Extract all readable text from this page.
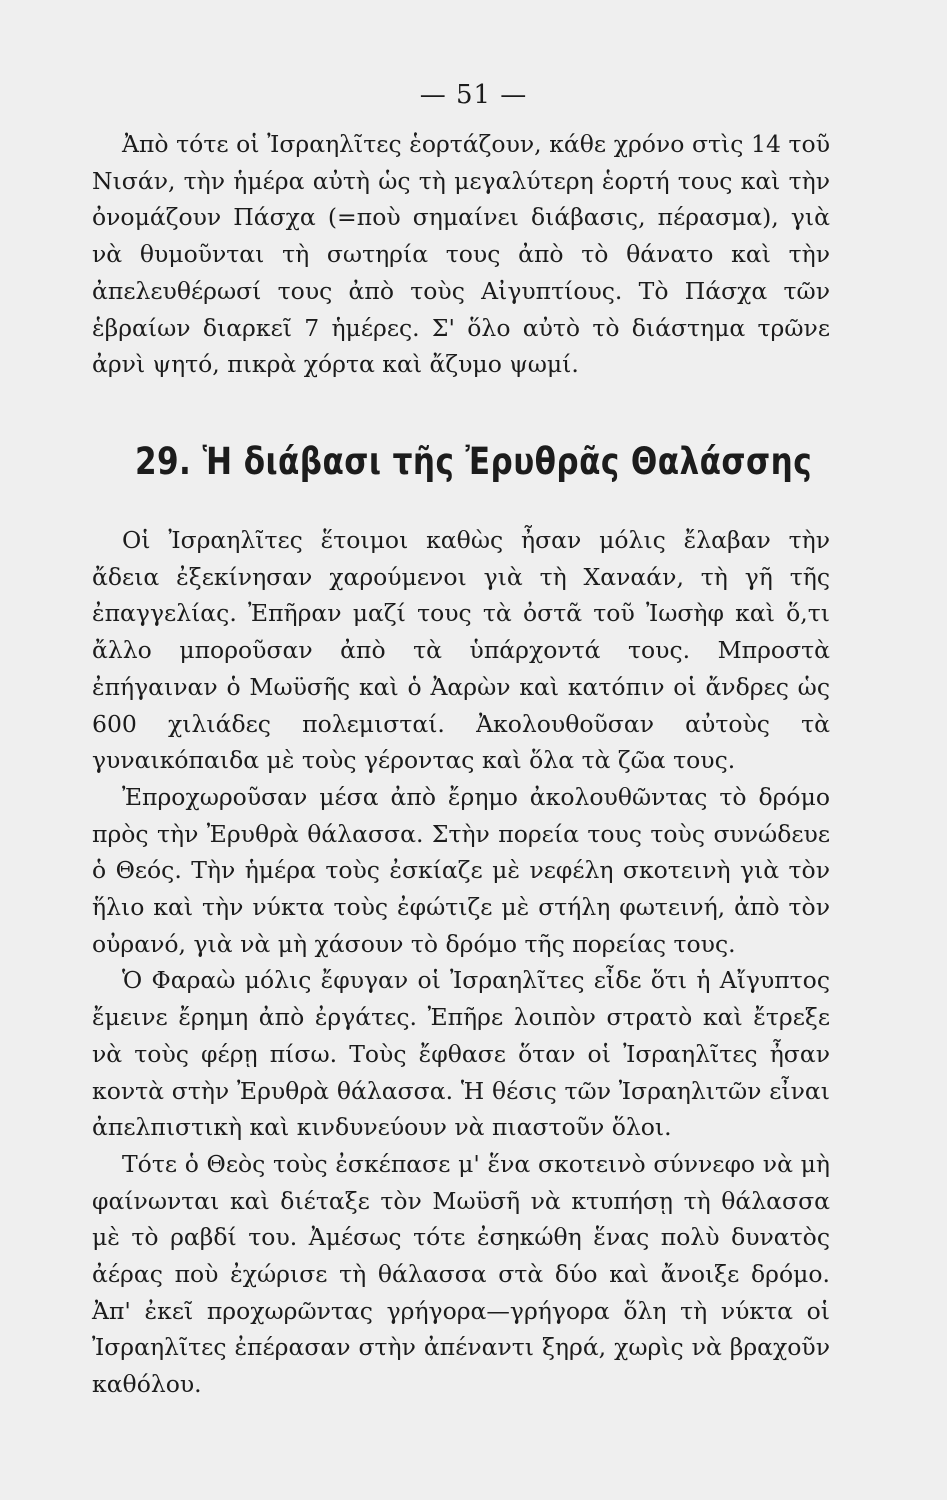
— 51 —

Ἀπὸ τότε οἱ Ἰσραηλῖτες ἑορτάζουν, κάθε χρόνο στὶς 14 τοῦ Νισάν, τὴν ἡμέρα αὐτὴ ὡς τὴ μεγαλύτερη ἑορτή τους καὶ τὴν ὀνομάζουν Πάσχα (=ποὺ σημαίνει διάβασις, πέρασμα), γιὰ νὰ θυμοῦνται τὴ σωτηρία τους ἀπὸ τὸ θάνατο καὶ τὴν ἀπελευθέρωσί τους ἀπὸ τοὺς Αἰγυπτίους. Τὸ Πάσχα τῶν ἑβραίων διαρκεῖ 7 ἡμέρες. Σ' ὅλο αὐτὸ τὸ διάστημα τρῶνε ἀρνὶ ψητό, πικρὰ χόρτα καὶ ἄζυμο ψωμί.

29. Ἡ διάβασι τῆς Ἐρυθρᾶς Θαλάσσης

Οἱ Ἰσραηλῖτες ἕτοιμοι καθὼς ἦσαν μόλις ἔλαβαν τὴν ἄδεια ἐξεκίνησαν χαρούμενοι γιὰ τὴ Χαναάν, τὴ γῆ τῆς ἐπαγγελίας. Ἐπῆραν μαζί τους τὰ ὀστᾶ τοῦ Ἰωσὴφ καὶ ὅ,τι ἄλλο μποροῦσαν ἀπὸ τὰ ὑπάρχοντά τους. Μπροστὰ ἐπήγαιναν ὁ Μωϋσῆς καὶ ὁ Ἀαρὼν καὶ κατόπιν οἱ ἄνδρες ὡς 600 χιλιάδες πολεμισταί. Ἀκολουθοῦσαν αὐτοὺς τὰ γυναικόπαιδα μὲ τοὺς γέροντας καὶ ὅλα τὰ ζῶα τους.

Ἐπροχωροῦσαν μέσα ἀπὸ ἔρημο ἀκολουθῶντας τὸ δρόμο πρὸς τὴν Ἐρυθρὰ θάλασσα. Στὴν πορεία τους τοὺς συνώδευε ὁ Θεός. Τὴν ἡμέρα τοὺς ἐσκίαζε μὲ νεφέλη σκοτεινὴ γιὰ τὸν ἥλιο καὶ τὴν νύκτα τοὺς ἐφώτιζε μὲ στήλη φωτεινή, ἀπὸ τὸν οὐρανό, γιὰ νὰ μὴ χάσουν τὸ δρόμο τῆς πορείας τους.

Ὁ Φαραὼ μόλις ἔφυγαν οἱ Ἰσραηλῖτες εἶδε ὅτι ἡ Αἴγυπτος ἔμεινε ἔρημη ἀπὸ ἐργάτες. Ἐπῆρε λοιπὸν στρατὸ καὶ ἔτρεξε νὰ τοὺς φέρῃ πίσω. Τοὺς ἔφθασε ὅταν οἱ Ἰσραηλῖτες ἦσαν κοντὰ στὴν Ἐρυθρὰ θάλασσα. Ἡ θέσις τῶν Ἰσραηλιτῶν εἶναι ἀπελπιστικὴ καὶ κινδυνεύουν νὰ πιαστοῦν ὅλοι.

Τότε ὁ Θεὸς τοὺς ἐσκέπασε μ' ἕνα σκοτεινὸ σύννεφο νὰ μὴ φαίνωνται καὶ διέταξε τὸν Μωϋσῆ νὰ κτυπήσῃ τὴ θάλασσα μὲ τὸ ραβδί του. Ἀμέσως τότε ἐσηκώθη ἕνας πολὺ δυνατὸς ἀέρας ποὺ ἐχώρισε τὴ θάλασσα στὰ δύο καὶ ἄνοιξε δρόμο. Ἀπ' ἐκεῖ προχωρῶντας γρήγορα—γρήγορα ὅλη τὴ νύκτα οἱ Ἰσραηλῖτες ἐπέρασαν στὴν ἀπέναντι ξηρά, χωρὶς νὰ βραχοῦν καθόλου.
